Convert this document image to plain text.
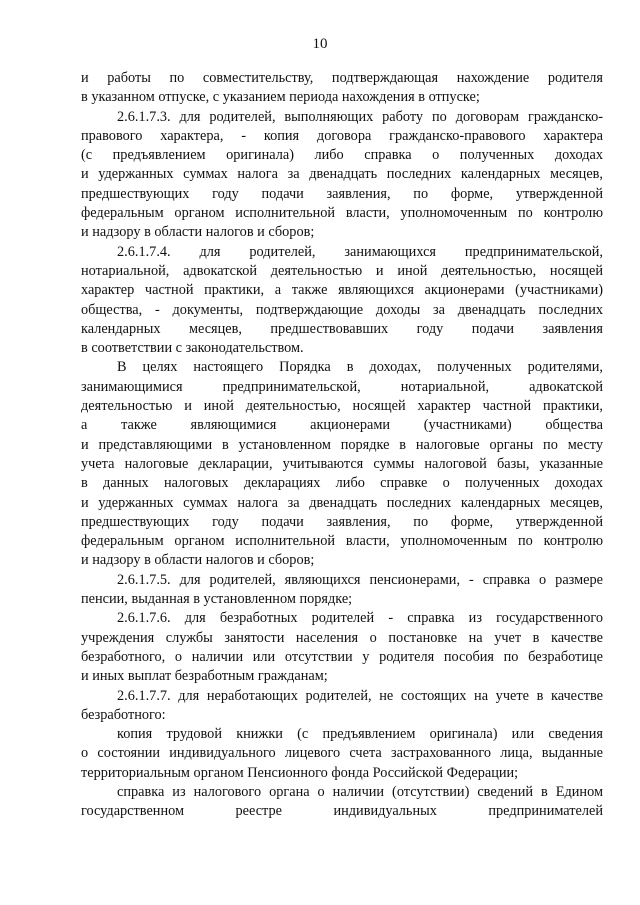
10
и работы по совместительству, подтверждающая нахождение родителя
в указанном отпуске, с указанием периода нахождения в отпуске;
2.6.1.7.3. для родителей, выполняющих работу по договорам гражданско-
правового характера, - копия договора гражданско-правового характера
(с предъявлением оригинала) либо справка о полученных доходах
и удержанных суммах налога за двенадцать последних календарных месяцев,
предшествующих году подачи заявления, по форме, утвержденной
федеральным органом исполнительной власти, уполномоченным по контролю
и надзору в области налогов и сборов;
2.6.1.7.4. для родителей, занимающихся предпринимательской,
нотариальной, адвокатской деятельностью и иной деятельностью, носящей
характер частной практики, а также являющихся акционерами (участниками)
общества, - документы, подтверждающие доходы за двенадцать последних
календарных месяцев, предшествовавших году подачи заявления
в соответствии с законодательством.
В целях настоящего Порядка в доходах, полученных родителями,
занимающимися предпринимательской, нотариальной, адвокатской
деятельностью и иной деятельностью, носящей характер частной практики,
а также являющимися акционерами (участниками) общества
и представляющими в установленном порядке в налоговые органы по месту
учета налоговые декларации, учитываются суммы налоговой базы, указанные
в данных налоговых декларациях либо справке о полученных доходах
и удержанных суммах налога за двенадцать последних календарных месяцев,
предшествующих году подачи заявления, по форме, утвержденной
федеральным органом исполнительной власти, уполномоченным по контролю
и надзору в области налогов и сборов;
2.6.1.7.5. для родителей, являющихся пенсионерами, - справка о размере
пенсии, выданная в установленном порядке;
2.6.1.7.6. для безработных родителей - справка из государственного
учреждения службы занятости населения о постановке на учет в качестве
безработного, о наличии или отсутствии у родителя пособия по безработице
и иных выплат безработным гражданам;
2.6.1.7.7. для неработающих родителей, не состоящих на учете в качестве
безработного:
копия трудовой книжки (с предъявлением оригинала) или сведения
о состоянии индивидуального лицевого счета застрахованного лица, выданные
территориальным органом Пенсионного фонда Российской Федерации;
справка из налогового органа о наличии (отсутствии) сведений в Едином
государственном реестре индивидуальных предпринимателей
